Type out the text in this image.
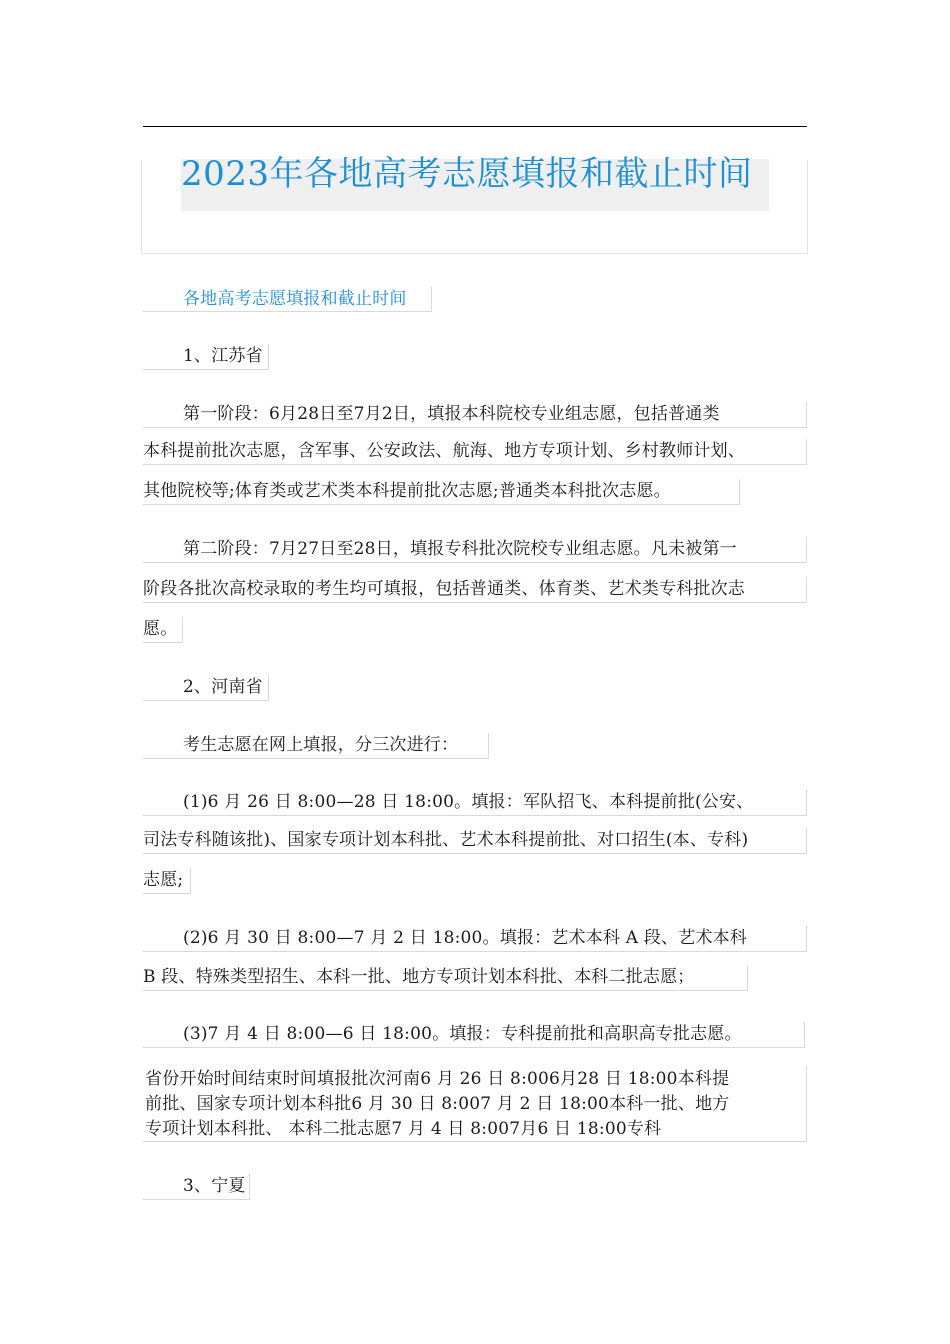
2023年各地高考志愿填报和截止时间
各地高考志愿填报和截止时间
1、江苏省
第一阶段：6月28日至7月2日，填报本科院校专业组志愿，包括普通类
本科提前批次志愿，含军事、公安政法、航海、地方专项计划、乡村教师计划、
其他院校等;体育类或艺术类本科提前批次志愿;普通类本科批次志愿。
第二阶段：7月27日至28日，填报专科批次院校专业组志愿。凡未被第一
阶段各批次高校录取的考生均可填报，包括普通类、体育类、艺术类专科批次志
愿。
2、河南省
考生志愿在网上填报，分三次进行：
(1)6 月 26 日 8:00—28 日 18:00。填报：军队招飞、本科提前批(公安、
司法专科随该批)、国家专项计划本科批、艺术本科提前批、对口招生(本、专科)
志愿;
(2)6 月 30 日 8:00—7 月 2 日 18:00。填报：艺术本科 A 段、艺术本科
B 段、特殊类型招生、本科一批、地方专项计划本科批、本科二批志愿；
(3)7 月 4 日 8:00—6 日 18:00。填报：专科提前批和高职高专批志愿。
省份开始时间结束时间填报批次河南6 月 26 日 8:006月28 日 18:00本科提
前批、国家专项计划本科批6 月 30 日 8:007 月 2 日 18:00本科一批、地方
专项计划本科批、 本科二批志愿7 月 4 日 8:007月6 日 18:00专科
3、宁夏
